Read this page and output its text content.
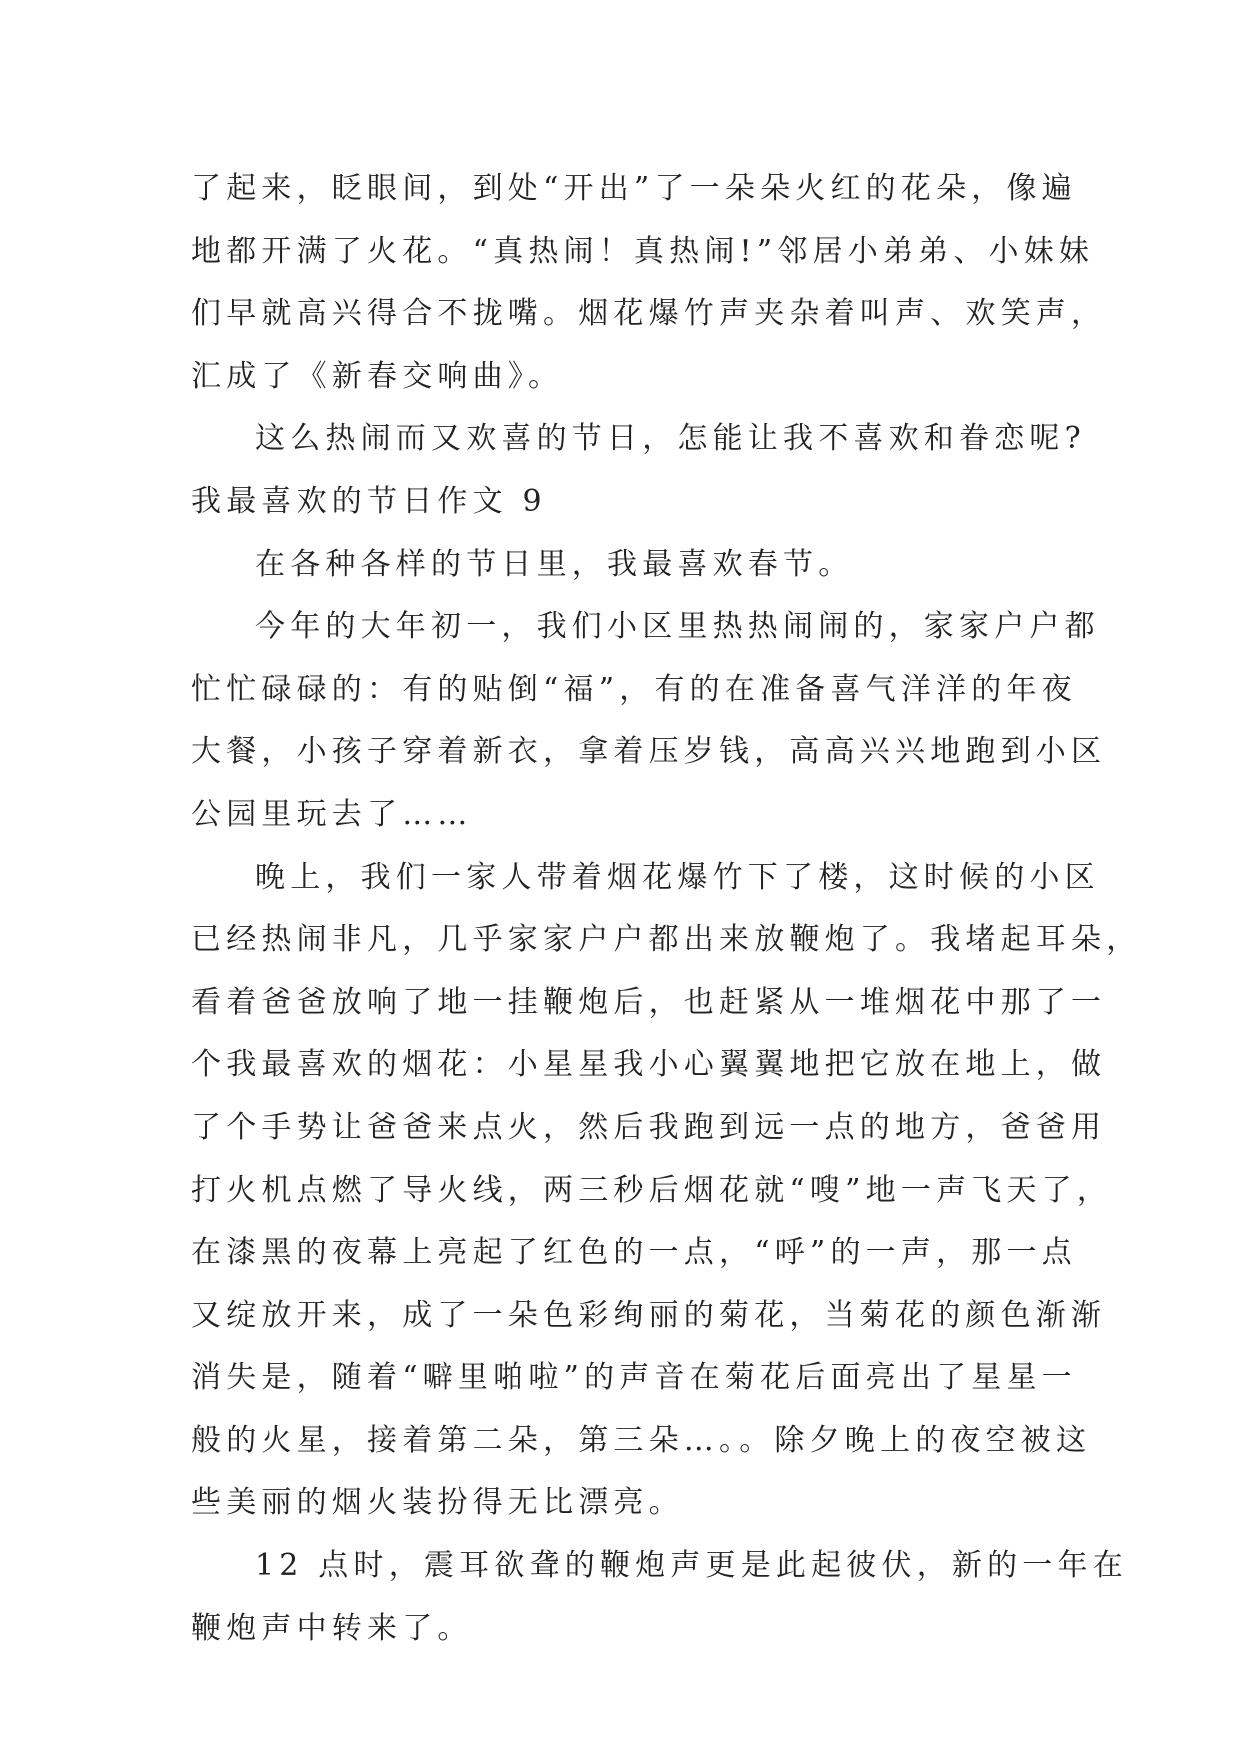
了起来，眨眼间，到处“开出”了一朵朵火红的花朵，像遍
地都开满了火花。“真热闹！真热闹!”邻居小弟弟、小妹妹
们早就高兴得合不拢嘴。烟花爆竹声夹杂着叫声、欢笑声，
汇成了《新春交响曲》。
这么热闹而又欢喜的节日，怎能让我不喜欢和眷恋呢?
我最喜欢的节日作文 9
在各种各样的节日里，我最喜欢春节。
今年的大年初一，我们小区里热热闹闹的，家家户户都
忙忙碌碌的：有的贴倒“福”，有的在准备喜气洋洋的年夜
大餐，小孩子穿着新衣，拿着压岁钱，高高兴兴地跑到小区
公园里玩去了……
晚上，我们一家人带着烟花爆竹下了楼，这时候的小区
已经热闹非凡，几乎家家户户都出来放鞭炮了。我堵起耳朵，
看着爸爸放响了地一挂鞭炮后，也赶紧从一堆烟花中那了一
个我最喜欢的烟花：小星星我小心翼翼地把它放在地上，做
了个手势让爸爸来点火，然后我跑到远一点的地方，爸爸用
打火机点燃了导火线，两三秒后烟花就“嗖”地一声飞天了，
在漆黑的夜幕上亮起了红色的一点，“呼”的一声，那一点
又绽放开来，成了一朵色彩绚丽的菊花，当菊花的颜色渐渐
消失是，随着“噼里啪啦”的声音在菊花后面亮出了星星一
般的火星，接着第二朵，第三朵…。。除夕晚上的夜空被这
些美丽的烟火装扮得无比漂亮。
12 点时，震耳欲聋的鞭炮声更是此起彼伏，新的一年在
鞭炮声中转来了。
